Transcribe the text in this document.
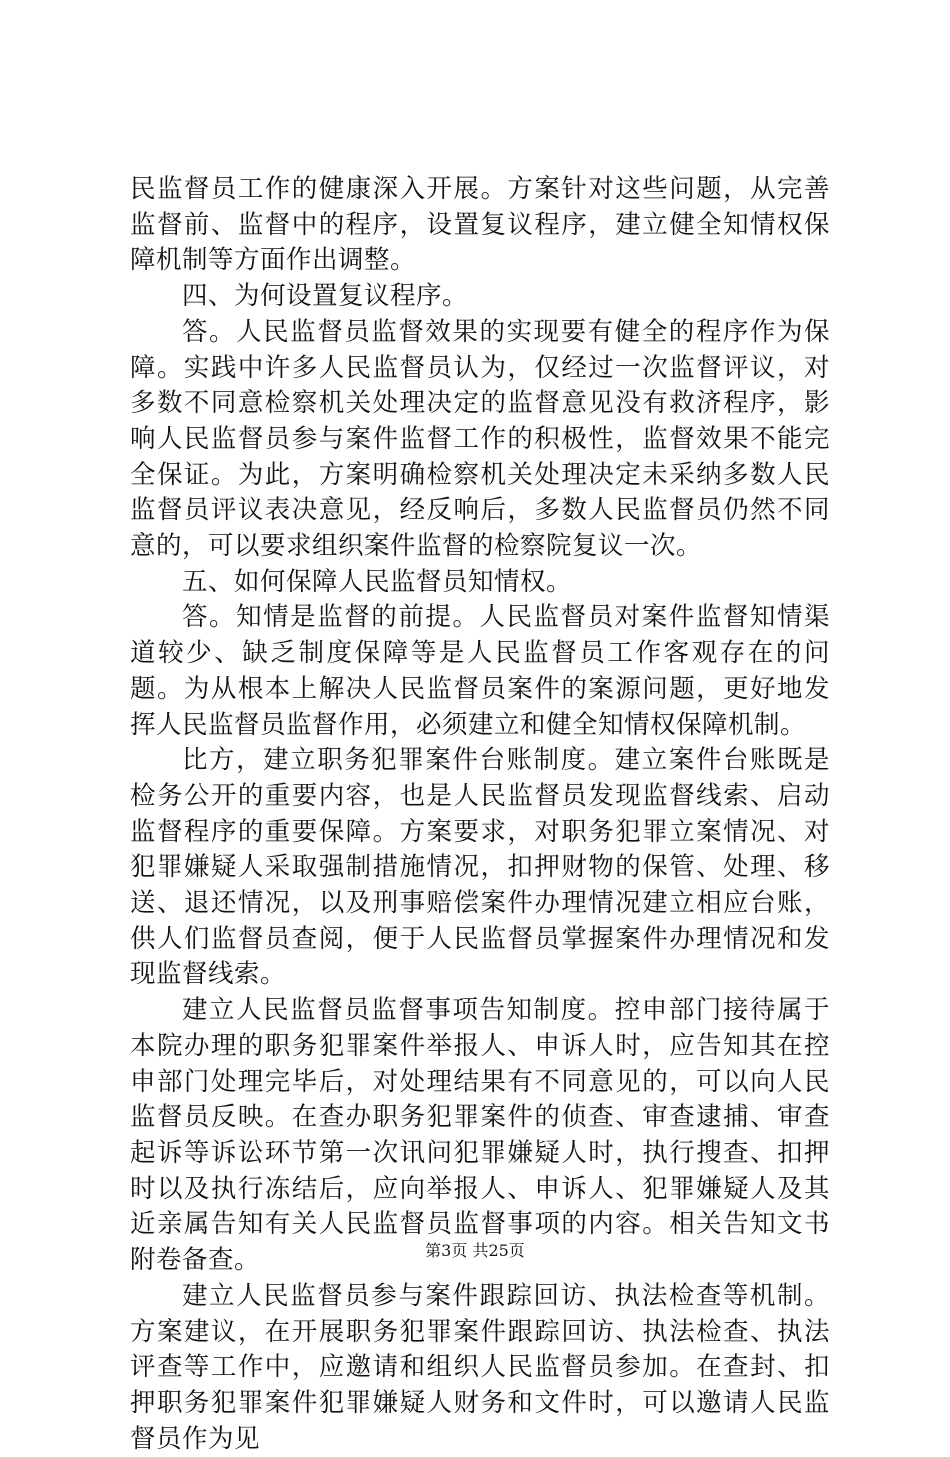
民监督员工作的健康深入开展。方案针对这些问题，从完善监督前、监督中的程序，设置复议程序，建立健全知情权保障机制等方面作出调整。

四、为何设置复议程序。

答。人民监督员监督效果的实现要有健全的程序作为保障。实践中许多人民监督员认为，仅经过一次监督评议，对多数不同意检察机关处理决定的监督意见没有救济程序，影响人民监督员参与案件监督工作的积极性，监督效果不能完全保证。为此，方案明确检察机关处理决定未采纳多数人民监督员评议表决意见，经反响后，多数人民监督员仍然不同意的，可以要求组织案件监督的检察院复议一次。

五、如何保障人民监督员知情权。

答。知情是监督的前提。人民监督员对案件监督知情渠道较少、缺乏制度保障等是人民监督员工作客观存在的问题。为从根本上解决人民监督员案件的案源问题，更好地发挥人民监督员监督作用，必须建立和健全知情权保障机制。

比方，建立职务犯罪案件台账制度。建立案件台账既是检务公开的重要内容，也是人民监督员发现监督线索、启动监督程序的重要保障。方案要求，对职务犯罪立案情况、对犯罪嫌疑人采取强制措施情况，扣押财物的保管、处理、移送、退还情况，以及刑事赔偿案件办理情况建立相应台账，供人们监督员查阅，便于人民监督员掌握案件办理情况和发现监督线索。

建立人民监督员监督事项告知制度。控申部门接待属于本院办理的职务犯罪案件举报人、申诉人时，应告知其在控申部门处理完毕后，对处理结果有不同意见的，可以向人民监督员反映。在查办职务犯罪案件的侦查、审查逮捕、审查起诉等诉讼环节第一次讯问犯罪嫌疑人时，执行搜查、扣押时以及执行冻结后，应向举报人、申诉人、犯罪嫌疑人及其近亲属告知有关人民监督员监督事项的内容。相关告知文书附卷备查。

建立人民监督员参与案件跟踪回访、执法检查等机制。方案建议，在开展职务犯罪案件跟踪回访、执法检查、执法评查等工作中，应邀请和组织人民监督员参加。在查封、扣押职务犯罪案件犯罪嫌疑人财务和文件时，可以邀请人民监督员作为见

第3页 共25页
